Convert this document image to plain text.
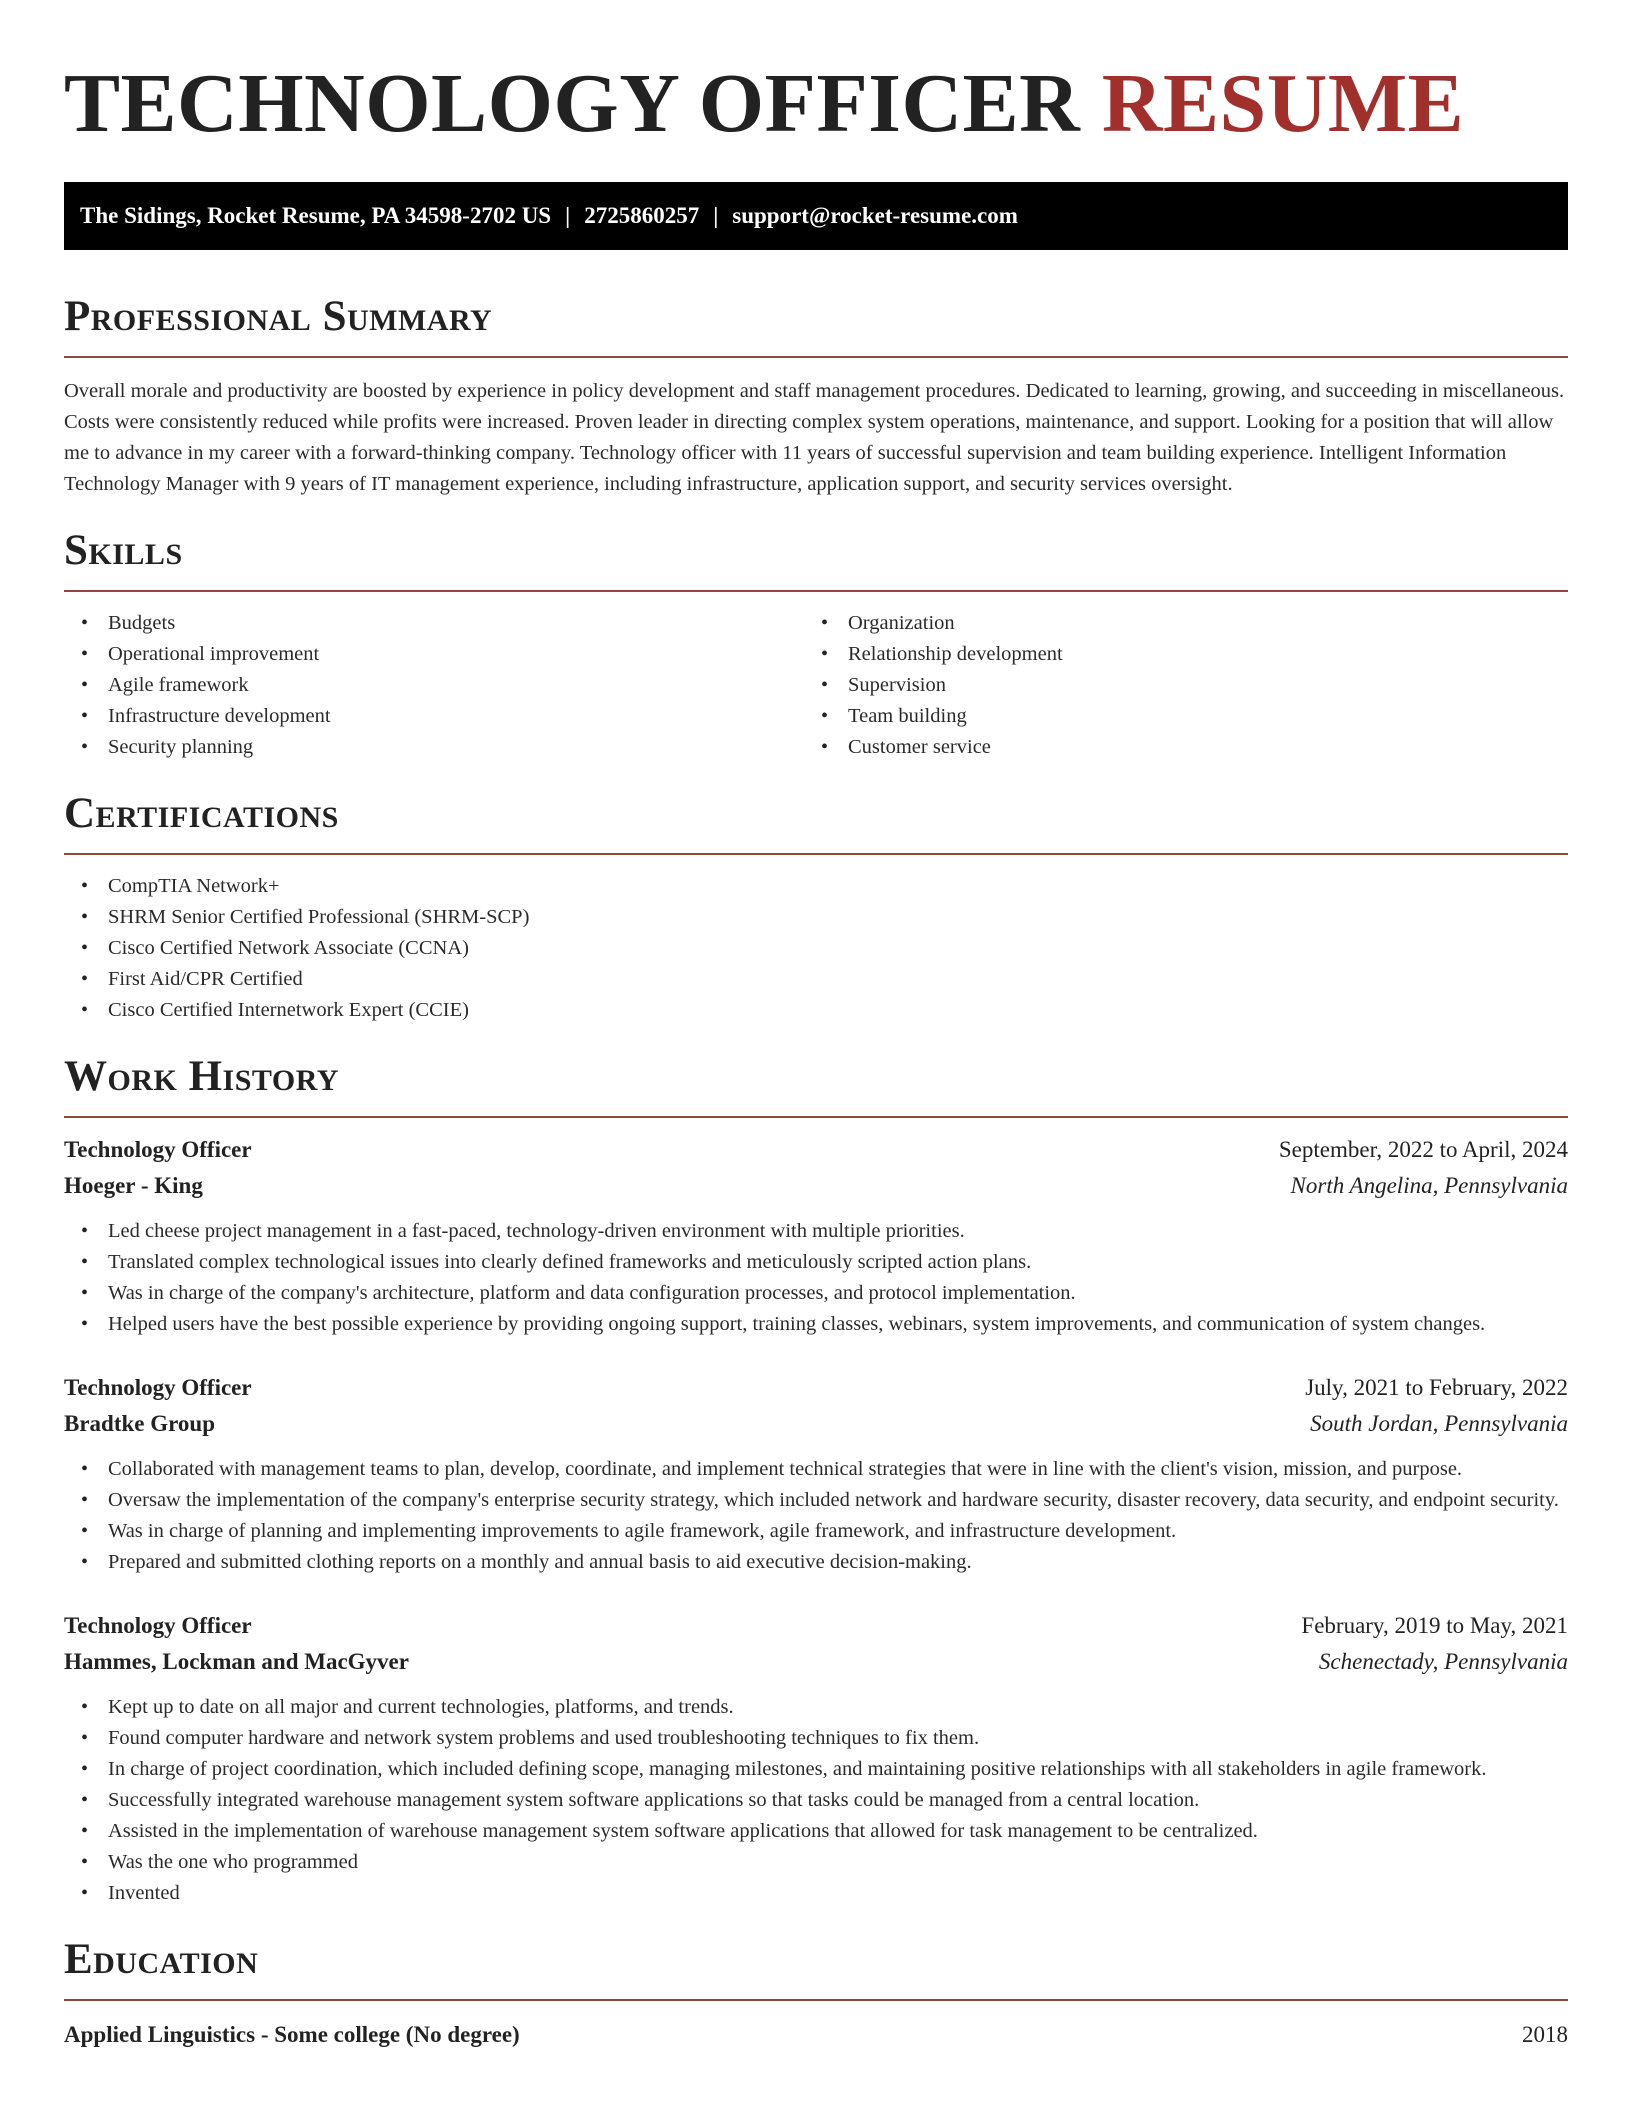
TECHNOLOGY OFFICER RESUME
The Sidings, Rocket Resume, PA 34598-2702 US | 2725860257 | support@rocket-resume.com
Professional Summary

Overall morale and productivity are boosted by experience in policy development and staff management procedures. Dedicated to learning, growing, and succeeding in miscellaneous. Costs were consistently reduced while profits were increased. Proven leader in directing complex system operations, maintenance, and support. Looking for a position that will allow me to advance in my career with a forward-thinking company. Technology officer with 11 years of successful supervision and team building experience. Intelligent Information Technology Manager with 9 years of IT management experience, including infrastructure, application support, and security services oversight.

Skills
• Budgets
• Operational improvement
• Agile framework
• Infrastructure development
• Security planning
• Organization
• Relationship development
• Supervision
• Team building
• Customer service
Certifications
• CompTIA Network+
• SHRM Senior Certified Professional (SHRM-SCP)
• Cisco Certified Network Associate (CCNA)
• First Aid/CPR Certified
• Cisco Certified Internetwork Expert (CCIE)
Work History
Technology Officer	September, 2022 to April, 2024
Hoeger - King	North Angelina, Pennsylvania
• Led cheese project management in a fast-paced, technology-driven environment with multiple priorities.
• Translated complex technological issues into clearly defined frameworks and meticulously scripted action plans.
• Was in charge of the company's architecture, platform and data configuration processes, and protocol implementation.
• Helped users have the best possible experience by providing ongoing support, training classes, webinars, system improvements, and communication of system changes.
Technology Officer	July, 2021 to February, 2022
Bradtke Group	South Jordan, Pennsylvania
• Collaborated with management teams to plan, develop, coordinate, and implement technical strategies that were in line with the client's vision, mission, and purpose.
• Oversaw the implementation of the company's enterprise security strategy, which included network and hardware security, disaster recovery, data security, and endpoint security.
• Was in charge of planning and implementing improvements to agile framework, agile framework, and infrastructure development.
• Prepared and submitted clothing reports on a monthly and annual basis to aid executive decision-making.
Technology Officer	February, 2019 to May, 2021
Hammes, Lockman and MacGyver	Schenectady, Pennsylvania
• Kept up to date on all major and current technologies, platforms, and trends.
• Found computer hardware and network system problems and used troubleshooting techniques to fix them.
• In charge of project coordination, which included defining scope, managing milestones, and maintaining positive relationships with all stakeholders in agile framework.
• Successfully integrated warehouse management system software applications so that tasks could be managed from a central location.
• Assisted in the implementation of warehouse management system software applications that allowed for task management to be centralized.
• Was the one who programmed
• Invented
Education
Applied Linguistics - Some college (No degree)	2018
